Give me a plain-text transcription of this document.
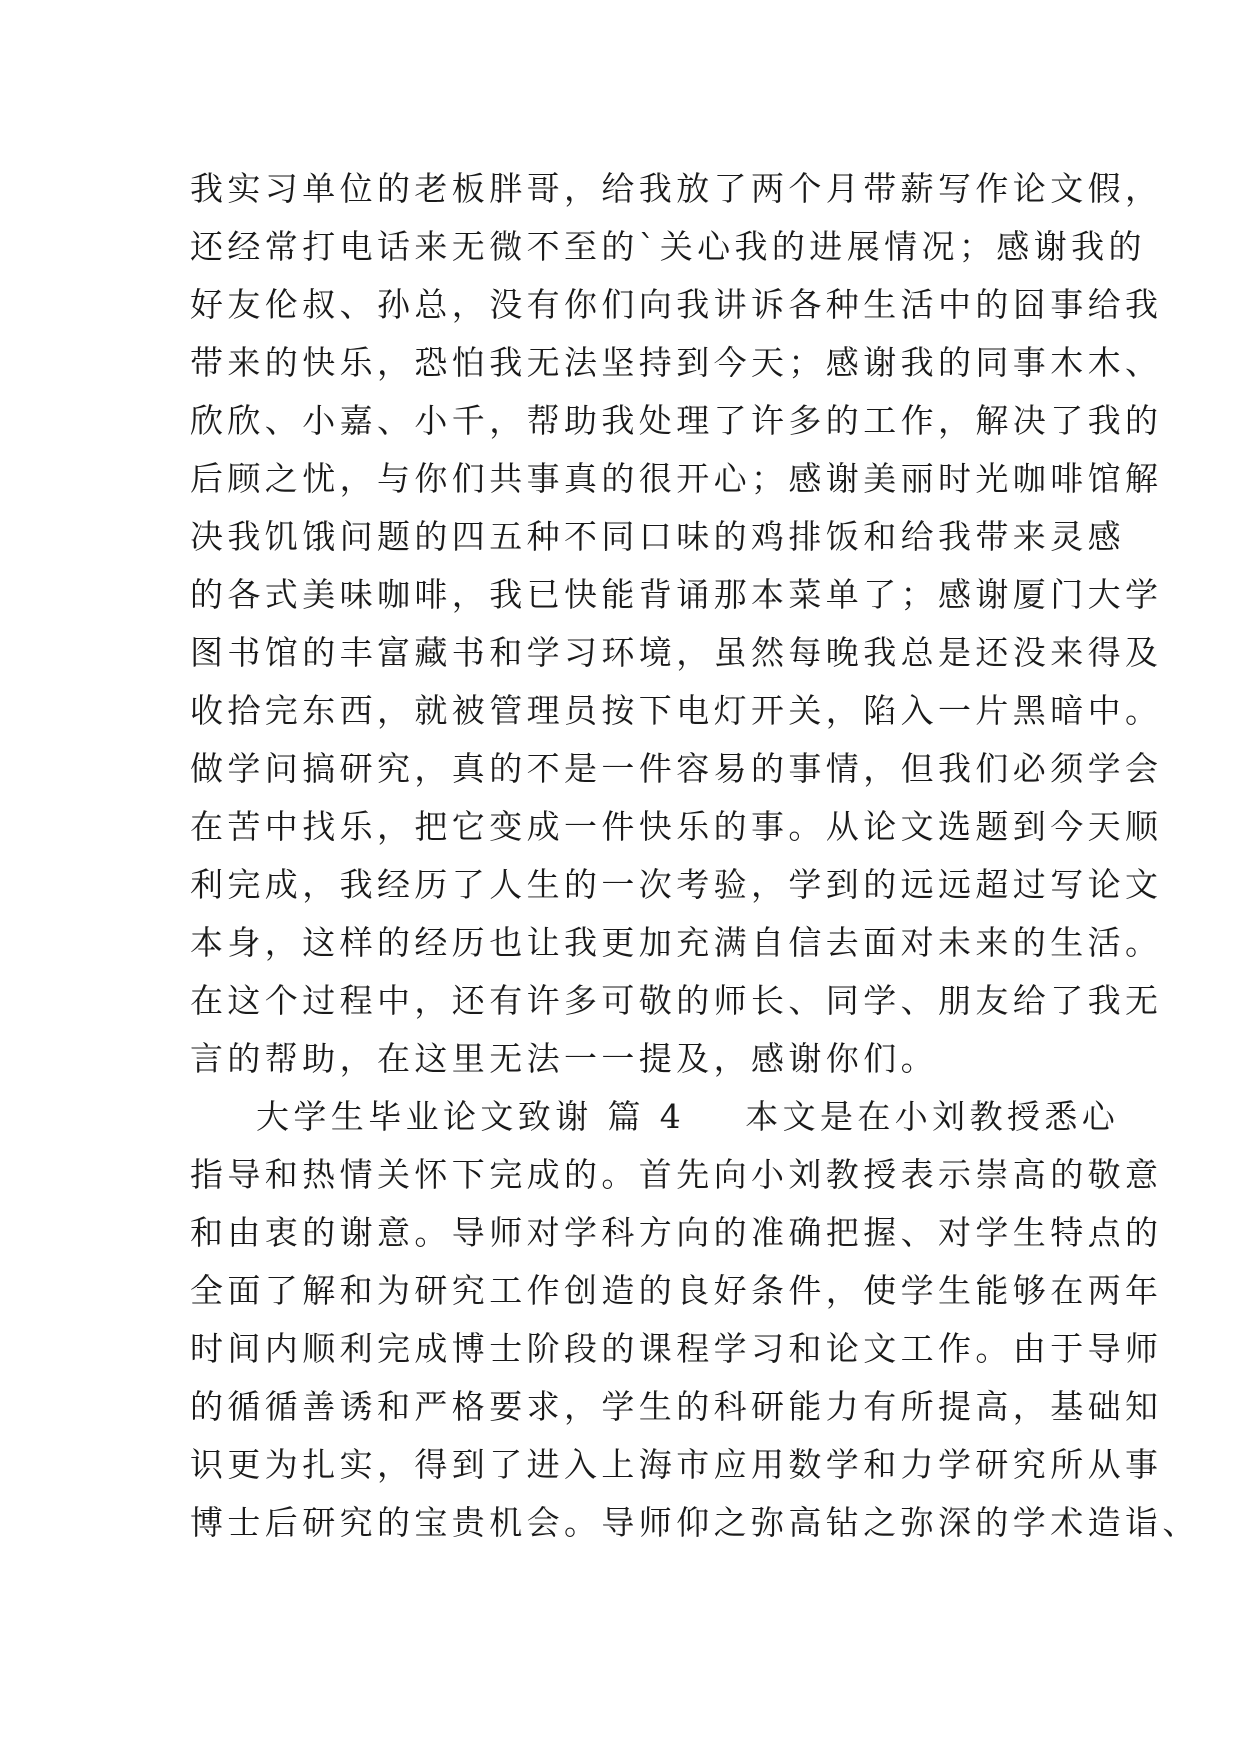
我实习单位的老板胖哥，给我放了两个月带薪写作论文假，
还经常打电话来无微不至的`关心我的进展情况；感谢我的
好友伦叔、孙总，没有你们向我讲诉各种生活中的囧事给我
带来的快乐，恐怕我无法坚持到今天；感谢我的同事木木、
欣欣、小嘉、小千，帮助我处理了许多的工作，解决了我的
后顾之忧，与你们共事真的很开心；感谢美丽时光咖啡馆解
决我饥饿问题的四五种不同口味的鸡排饭和给我带来灵感
的各式美味咖啡，我已快能背诵那本菜单了；感谢厦门大学
图书馆的丰富藏书和学习环境，虽然每晚我总是还没来得及
收拾完东西，就被管理员按下电灯开关，陷入一片黑暗中。
做学问搞研究，真的不是一件容易的事情，但我们必须学会
在苦中找乐，把它变成一件快乐的事。从论文选题到今天顺
利完成，我经历了人生的一次考验，学到的远远超过写论文
本身，这样的经历也让我更加充满自信去面对未来的生活。
在这个过程中，还有许多可敬的师长、同学、朋友给了我无
言的帮助，在这里无法一一提及，感谢你们。
大学生毕业论文致谢 篇 4 本文是在小刘教授悉心
指导和热情关怀下完成的。首先向小刘教授表示崇高的敬意
和由衷的谢意。导师对学科方向的准确把握、对学生特点的
全面了解和为研究工作创造的良好条件，使学生能够在两年
时间内顺利完成博士阶段的课程学习和论文工作。由于导师
的循循善诱和严格要求，学生的科研能力有所提高，基础知
识更为扎实，得到了进入上海市应用数学和力学研究所从事
博士后研究的宝贵机会。导师仰之弥高钻之弥深的学术造诣、
